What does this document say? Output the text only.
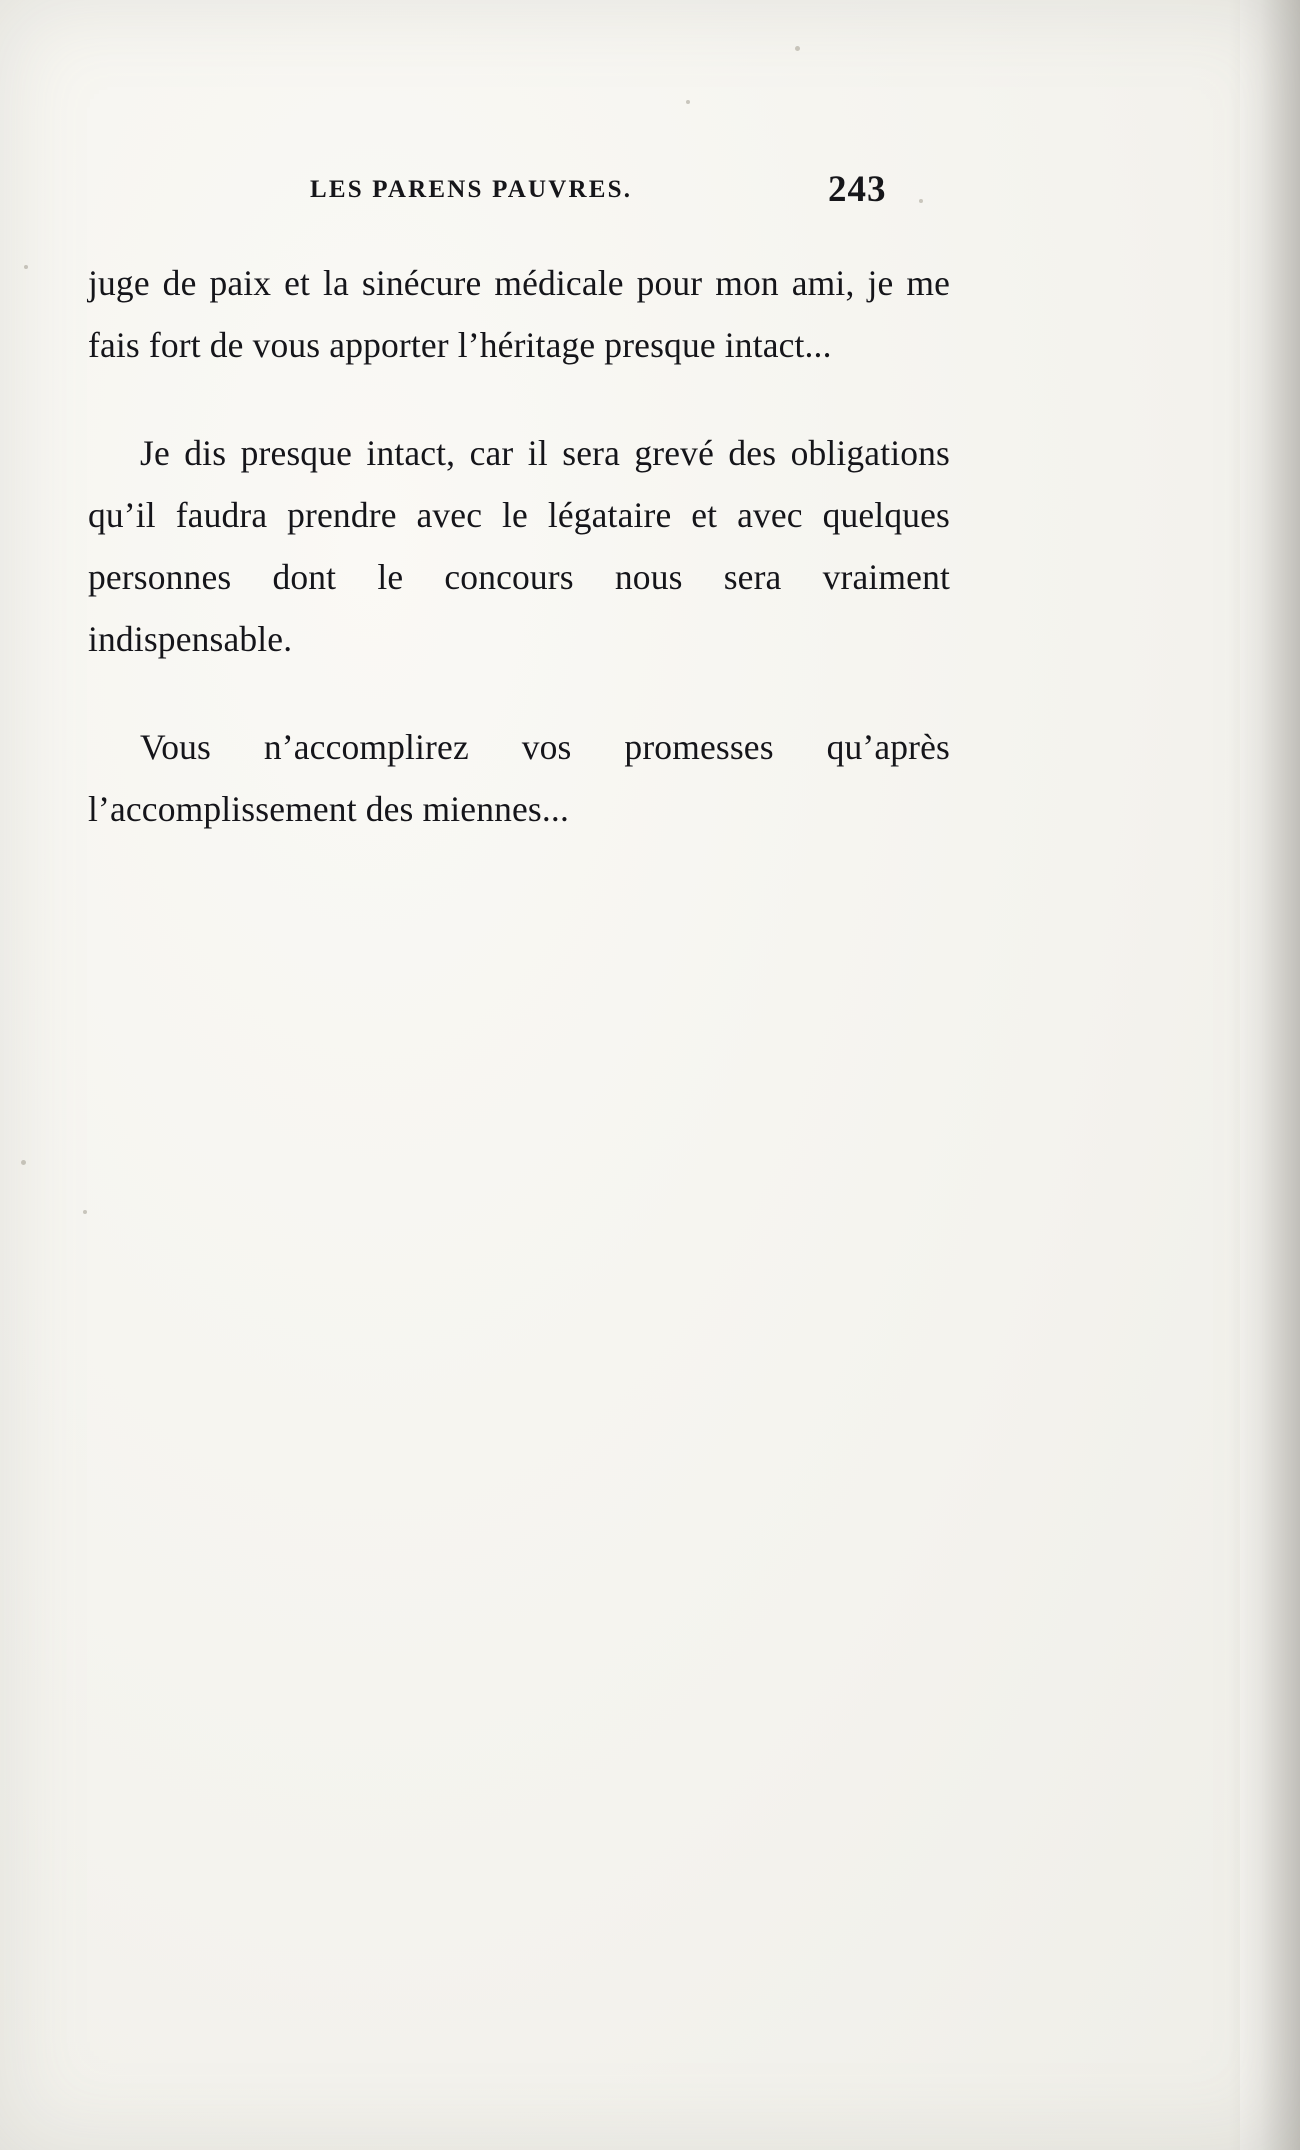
LES PARENS PAUVRES.	243

juge de paix et la sinécure médicale pour mon ami, je me fais fort de vous apporter l’héritage presque intact...

Je dis presque intact, car il sera grevé des obligations qu’il faudra prendre avec le légataire et avec quelques personnes dont le concours nous sera vraiment indispensable.

Vous n’accomplirez vos promesses qu’après l’accomplissement des miennes...
